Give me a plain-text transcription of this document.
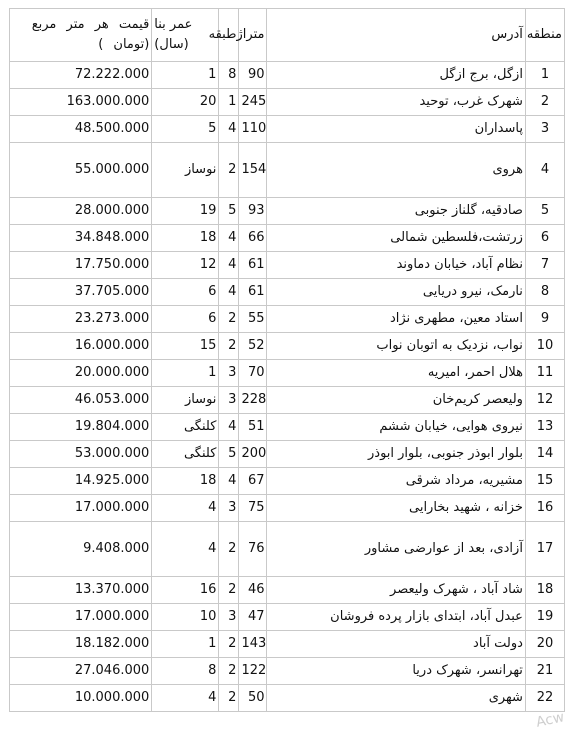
منطقه	آدرس	متراژ	طبقه	عمر بنا (سال)	قیمت هر متر مربع (تومان )
1	ازگل، برج ازگل	90	8	1	72.222.000
2	شهرک غرب، توحید	245	1	20	163.000.000
3	پاسداران	110	4	5	48.500.000
4	هروی	154	2	نوساز	55.000.000
5	صادقیه، گلناز جنوبی	93	5	19	28.000.000
6	زرتشت،فلسطین شمالی	66	4	18	34.848.000
7	نظام آباد، خیابان دماوند	61	4	12	17.750.000
8	نارمک، نیرو دریایی	61	4	6	37.705.000
9	استاد معین، مطهری نژاد	55	2	6	23.273.000
10	نواب، نزدیک به اتوبان نواب	52	2	15	16.000.000
11	هلال احمر، امیریه	70	3	1	20.000.000
12	ولیعصر کریم‌خان	228	3	نوساز	46.053.000
13	نیروی هوایی، خیابان ششم	51	4	کلنگی	19.804.000
14	بلوار ابوذر جنوبی، بلوار ابوذر	200	5	کلنگی	53.000.000
15	مشیریه، مرداد شرقی	67	4	18	14.925.000
16	خزانه ، شهید بخارایی	75	3	4	17.000.000
17	آزادی، بعد از عوارضی مشاور	76	2	4	9.408.000
18	شاد آباد ، شهرک ولیعصر	46	2	16	13.370.000
19	عبدل آباد، ابتدای بازار پرده فروشان	47	3	10	17.000.000
20	دولت آباد	143	2	1	18.182.000
21	تهرانسر، شهرک دریا	122	2	8	27.046.000
22	شهری	50	2	4	10.000.000
Acw
